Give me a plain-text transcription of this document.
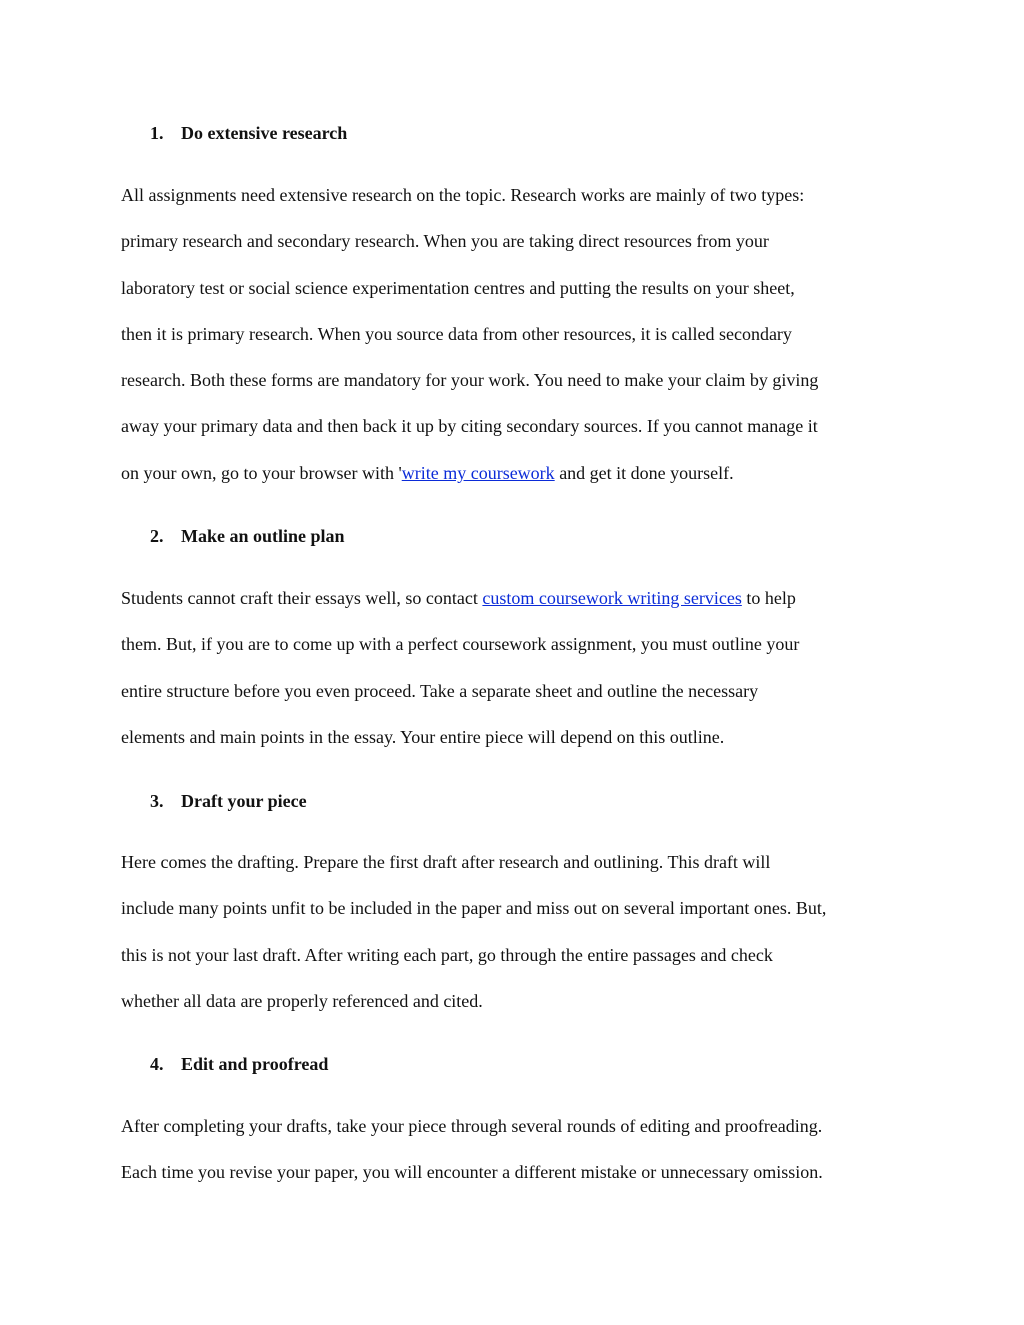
1. Do extensive research
All assignments need extensive research on the topic. Research works are mainly of two types:
primary research and secondary research. When you are taking direct resources from your
laboratory test or social science experimentation centres and putting the results on your sheet,
then it is primary research. When you source data from other resources, it is called secondary
research. Both these forms are mandatory for your work. You need to make your claim by giving
away your primary data and then back it up by citing secondary sources. If you cannot manage it
on your own, go to your browser with 'write my coursework and get it done yourself.
2. Make an outline plan
Students cannot craft their essays well, so contact custom coursework writing services to help
them. But, if you are to come up with a perfect coursework assignment, you must outline your
entire structure before you even proceed. Take a separate sheet and outline the necessary
elements and main points in the essay. Your entire piece will depend on this outline.
3. Draft your piece
Here comes the drafting. Prepare the first draft after research and outlining. This draft will
include many points unfit to be included in the paper and miss out on several important ones. But,
this is not your last draft. After writing each part, go through the entire passages and check
whether all data are properly referenced and cited.
4. Edit and proofread
After completing your drafts, take your piece through several rounds of editing and proofreading.
Each time you revise your paper, you will encounter a different mistake or unnecessary omission.
